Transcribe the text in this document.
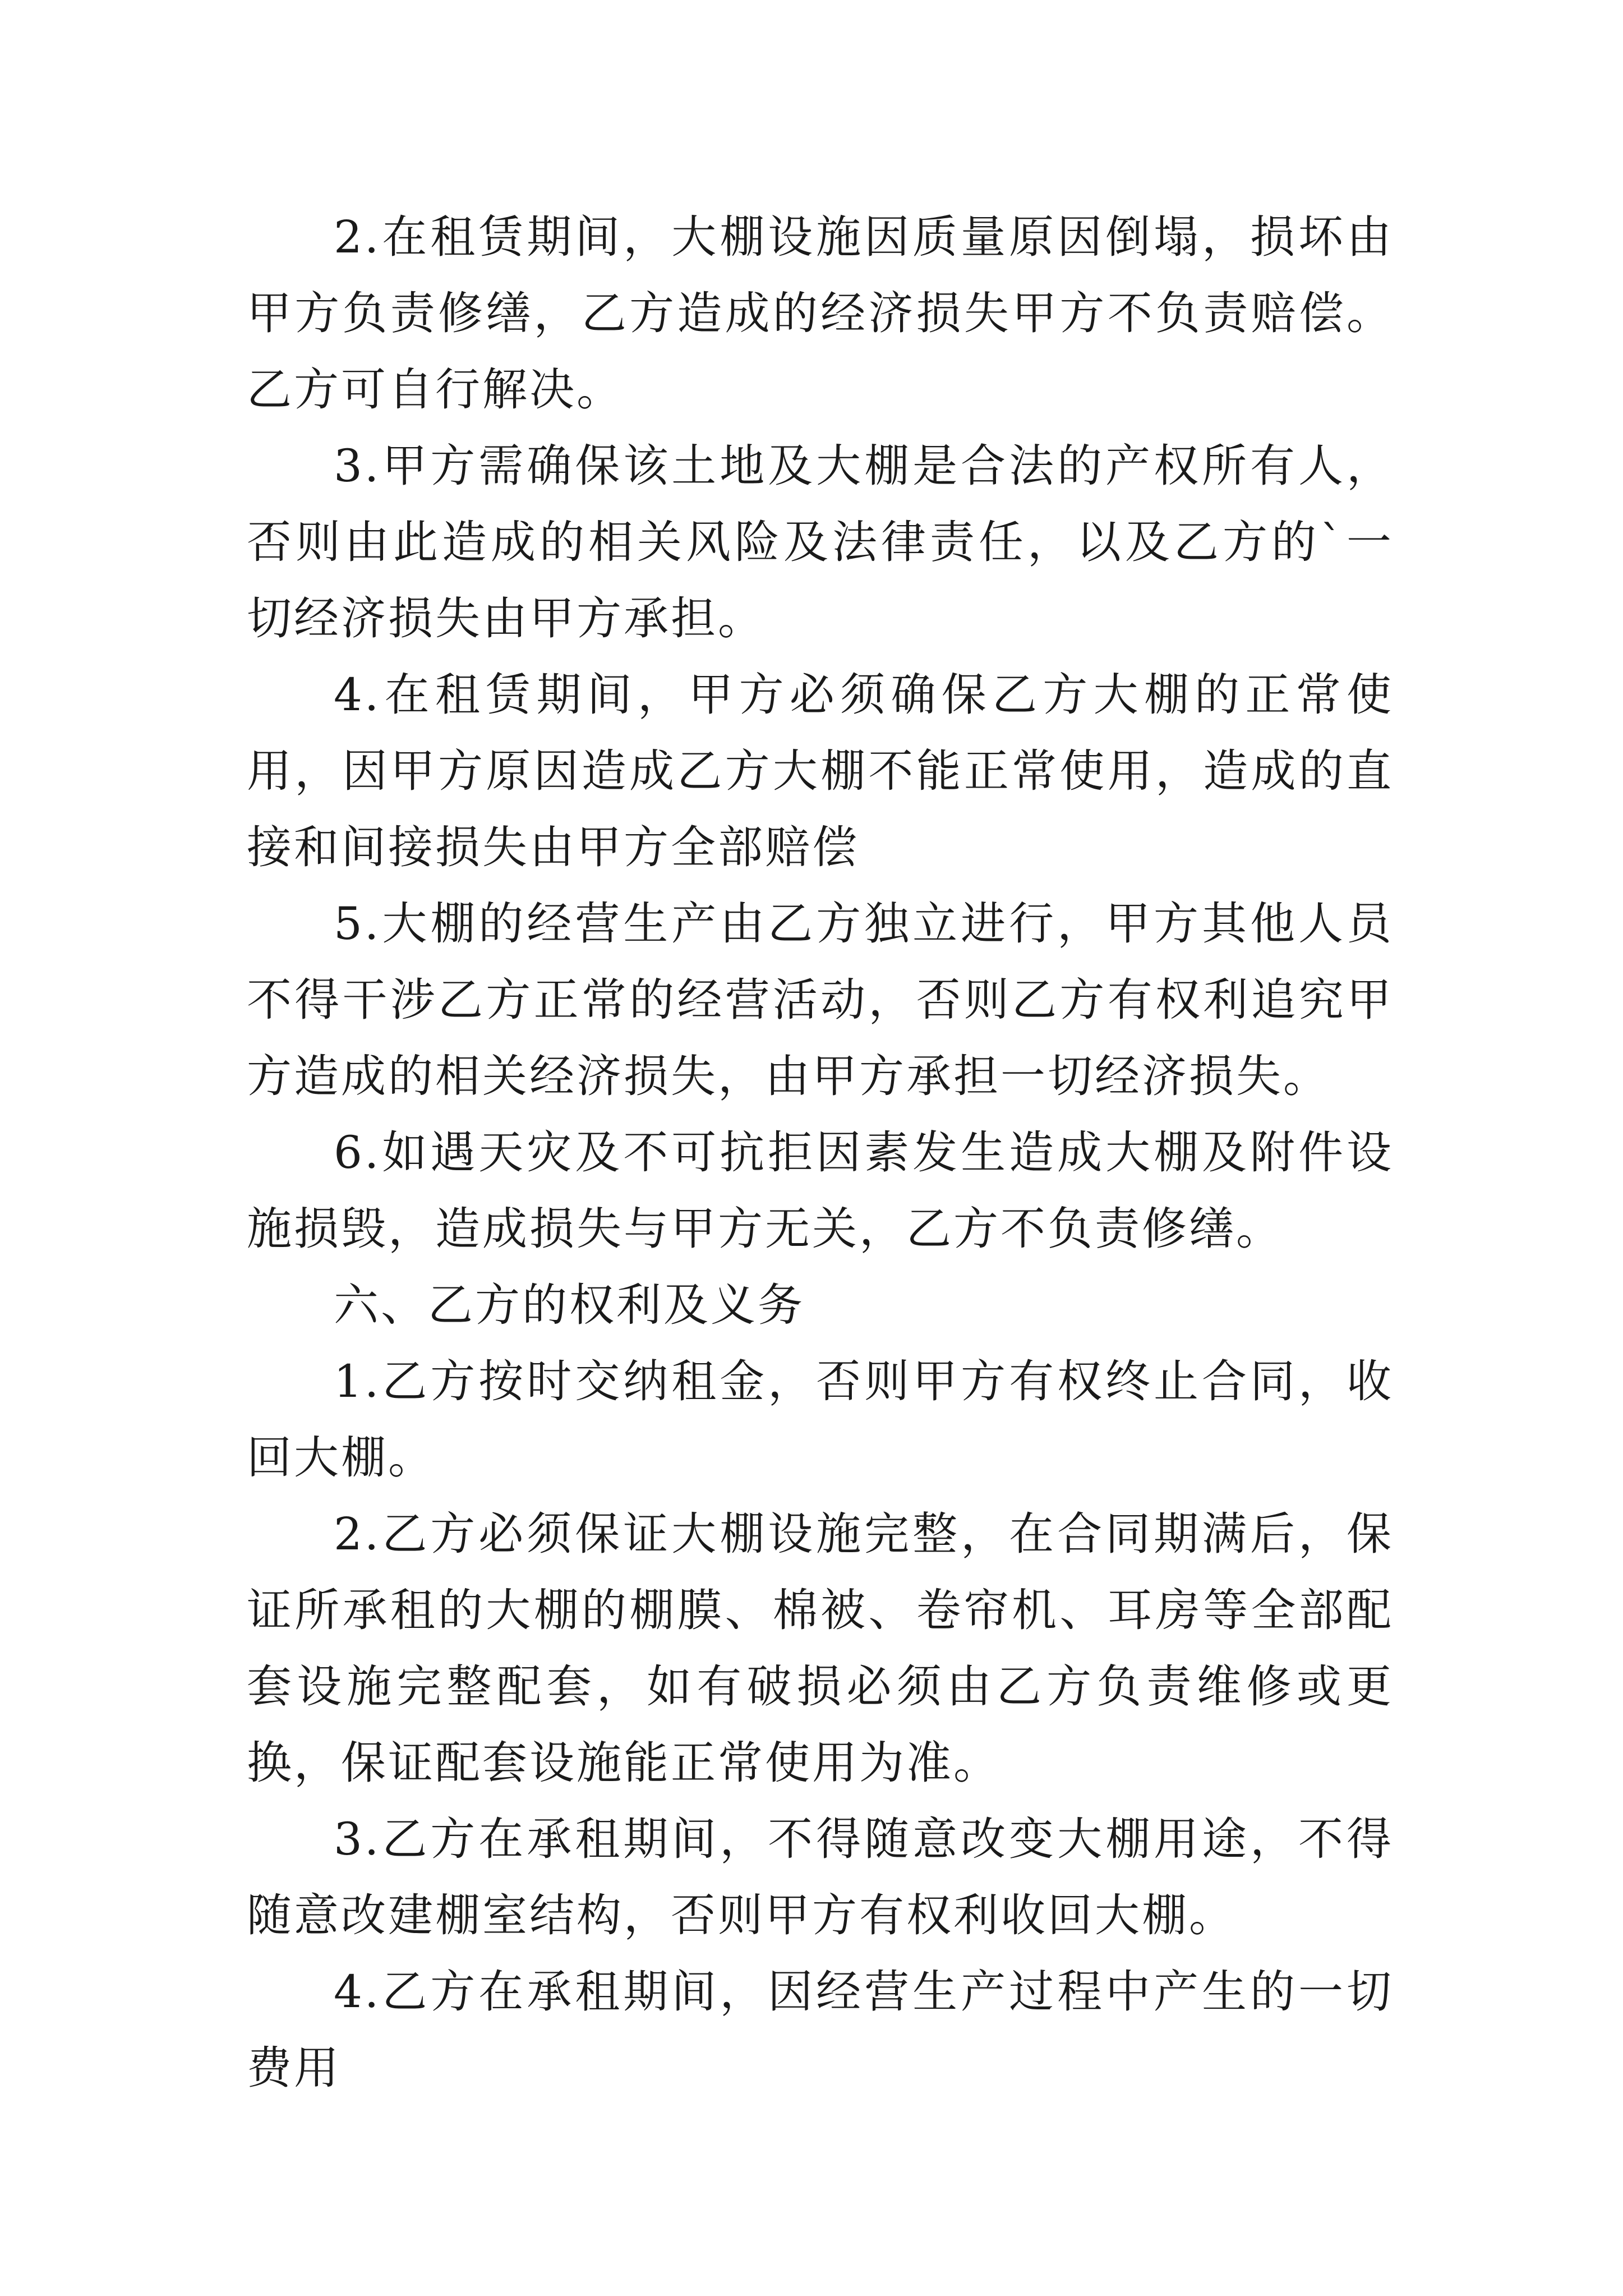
2.在租赁期间，大棚设施因质量原因倒塌，损坏由甲方负责修缮，乙方造成的经济损失甲方不负责赔偿。乙方可自行解决。

3.甲方需确保该土地及大棚是合法的产权所有人，否则由此造成的相关风险及法律责任，以及乙方的`一切经济损失由甲方承担。

4.在租赁期间，甲方必须确保乙方大棚的正常使用，因甲方原因造成乙方大棚不能正常使用，造成的直接和间接损失由甲方全部赔偿

5.大棚的经营生产由乙方独立进行，甲方其他人员不得干涉乙方正常的经营活动，否则乙方有权利追究甲方造成的相关经济损失，由甲方承担一切经济损失。

6.如遇天灾及不可抗拒因素发生造成大棚及附件设施损毁，造成损失与甲方无关，乙方不负责修缮。

六、乙方的权利及义务

1.乙方按时交纳租金，否则甲方有权终止合同，收回大棚。

2.乙方必须保证大棚设施完整，在合同期满后，保证所承租的大棚的棚膜、棉被、卷帘机、耳房等全部配套设施完整配套，如有破损必须由乙方负责维修或更换，保证配套设施能正常使用为准。

3.乙方在承租期间，不得随意改变大棚用途，不得随意改建棚室结构，否则甲方有权利收回大棚。

4.乙方在承租期间，因经营生产过程中产生的一切费用
